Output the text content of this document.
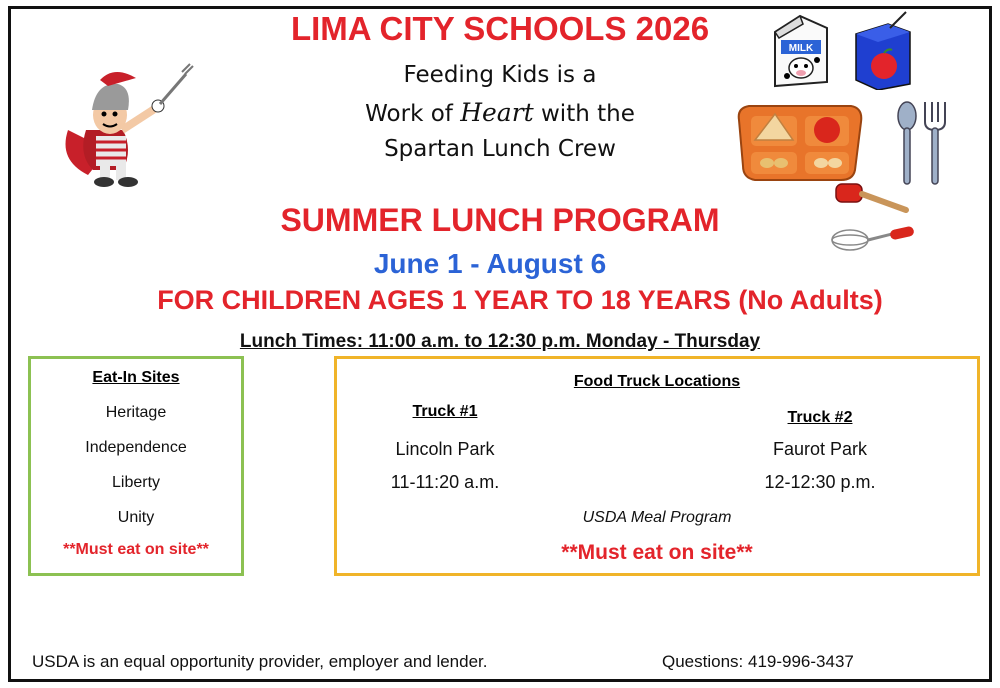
LIMA CITY SCHOOLS 2026
Feeding Kids is a
Work of Heart with the
Spartan Lunch Crew
MILK
SUMMER LUNCH PROGRAM
June 1 - August 6
FOR CHILDREN AGES 1 YEAR TO 18 YEARS (No Adults)
Lunch Times: 11:00 a.m. to 12:30 p.m. Monday - Thursday
Eat-In Sites
Heritage
Independence
Liberty
Unity
**Must eat on site**
Food Truck Locations
Truck #1
Lincoln Park
11-11:20 a.m.
Truck #2
Faurot Park
12-12:30 p.m.
USDA Meal Program
**Must eat on site**
USDA is an equal opportunity provider, employer and lender.	Questions: 419-996-3437
